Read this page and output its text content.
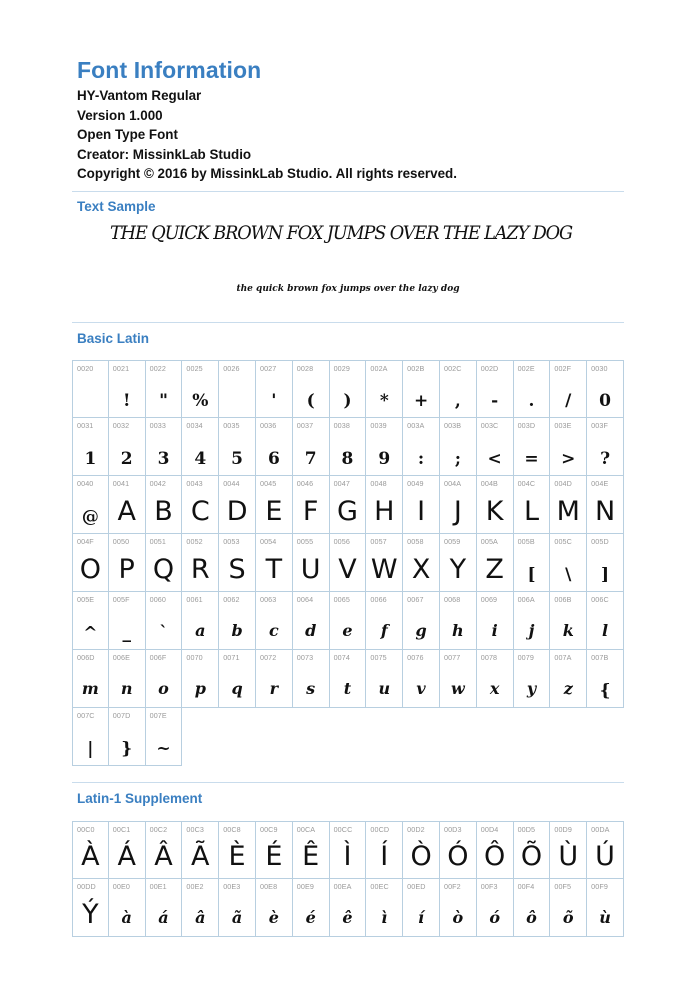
Font Information
HY-Vantom Regular
Version 1.000
Open Type Font
Creator: MissinkLab Studio
Copyright © 2016 by MissinkLab Studio. All rights reserved.
Text Sample
THE QUICK BROWN FOX JUMPS OVER THE LAZY DOG
the quick brown fox jumps over the lazy dog
Basic Latin
0020	0021
!
0022
"
0025
%
0026	0027
'
0028
(
0029
)
002A
*
002B
+
002C
,
002D
-
002E
.
002F
/
0030
0
0031
1
0032
2
0033
3
0034
4
0035
5
0036
6
0037
7
0038
8
0039
9
003A
:
003B
;
003C
<
003D
=
003E
>
003F
?
0040
@
0041
A
0042
B
0043
C
0044
D
0045
E
0046
F
0047
G
0048
H
0049
I
004A
J
004B
K
004C
L
004D
M
004E
N
004F
O
0050
P
0051
Q
0052
R
0053
S
0054
T
0055
U
0056
V
0057
W
0058
X
0059
Y
005A
Z
005B
[
005C
\
005D
]
005E
^
005F
_
0060
`
0061
a
0062
b
0063
c
0064
d
0065
e
0066
f
0067
g
0068
h
0069
i
006A
j
006B
k
006C
l
006D
m
006E
n
006F
o
0070
p
0071
q
0072
r
0073
s
0074
t
0075
u
0076
v
0077
w
0078
x
0079
y
007A
z
007B
{
007C
|
007D
}
007E
~
Latin-1 Supplement
00C0
À
00C1
Á
00C2
Â
00C3
Ã
00C8
È
00C9
É
00CA
Ê
00CC
Ì
00CD
Í
00D2
Ò
00D3
Ó
00D4
Ô
00D5
Õ
00D9
Ù
00DA
Ú
00DD
Ý
00E0
à
00E1
á
00E2
â
00E3
ã
00E8
è
00E9
é
00EA
ê
00EC
ì
00ED
í
00F2
ò
00F3
ó
00F4
ô
00F5
õ
00F9
ù
